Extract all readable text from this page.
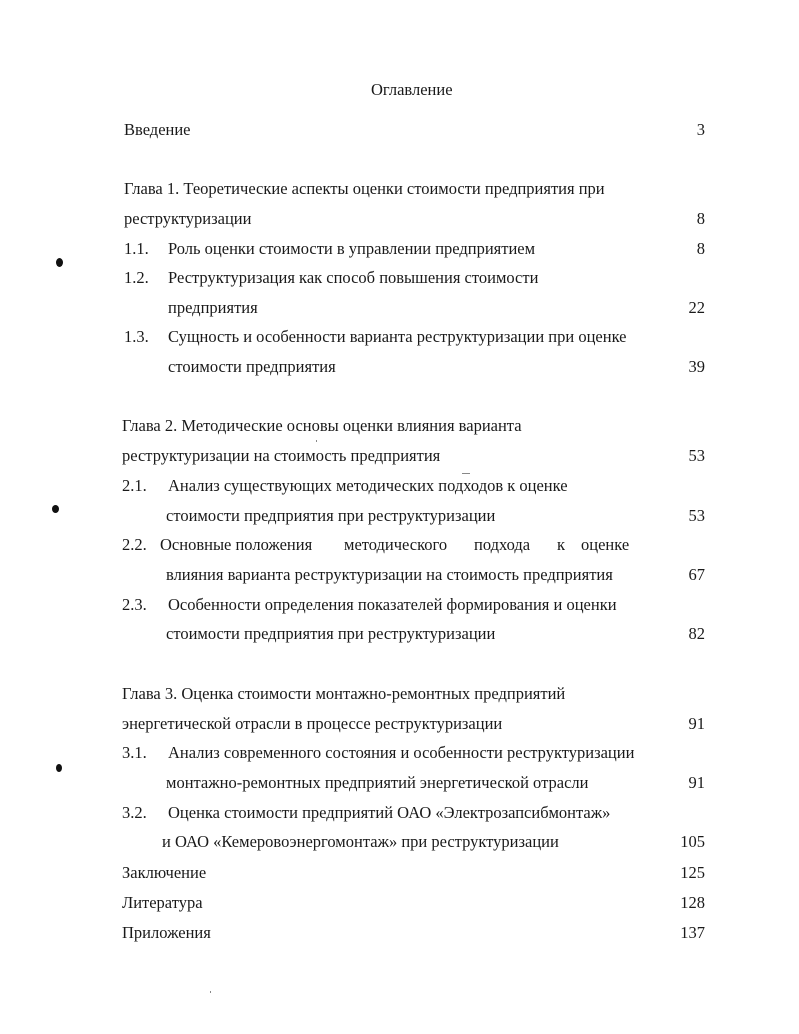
Оглавление
Введение	3
Глава 1. Теоретические аспекты оценки стоимости предприятия при
реструктуризации	8
1.1. Роль оценки стоимости в управлении предприятием	8
1.2. Реструктуризация как способ повышения стоимости
предприятия	22
1.3. Сущность и особенности варианта реструктуризации при оценке
стоимости предприятия	39
Глава 2. Методические основы оценки влияния варианта
реструктуризации на стоимость предприятия	53
2.1. Анализ существующих методических подходов к оценке
стоимости предприятия при реструктуризации	53
2.2. Основные положения методического подхода к оценке
влияния варианта реструктуризации на стоимость предприятия	67
2.3. Особенности определения показателей формирования и оценки
стоимости предприятия при реструктуризации	82
Глава 3. Оценка стоимости монтажно-ремонтных предприятий
энергетической отрасли в процессе реструктуризации	91
3.1. Анализ современного состояния и особенности реструктуризации
монтажно-ремонтных предприятий энергетической отрасли	91
3.2. Оценка стоимости предприятий ОАО «Электрозапсибмонтаж»
и ОАО «Кемеровоэнергомонтаж» при реструктуризации	105
Заключение	125
Литература	128
Приложения	137
